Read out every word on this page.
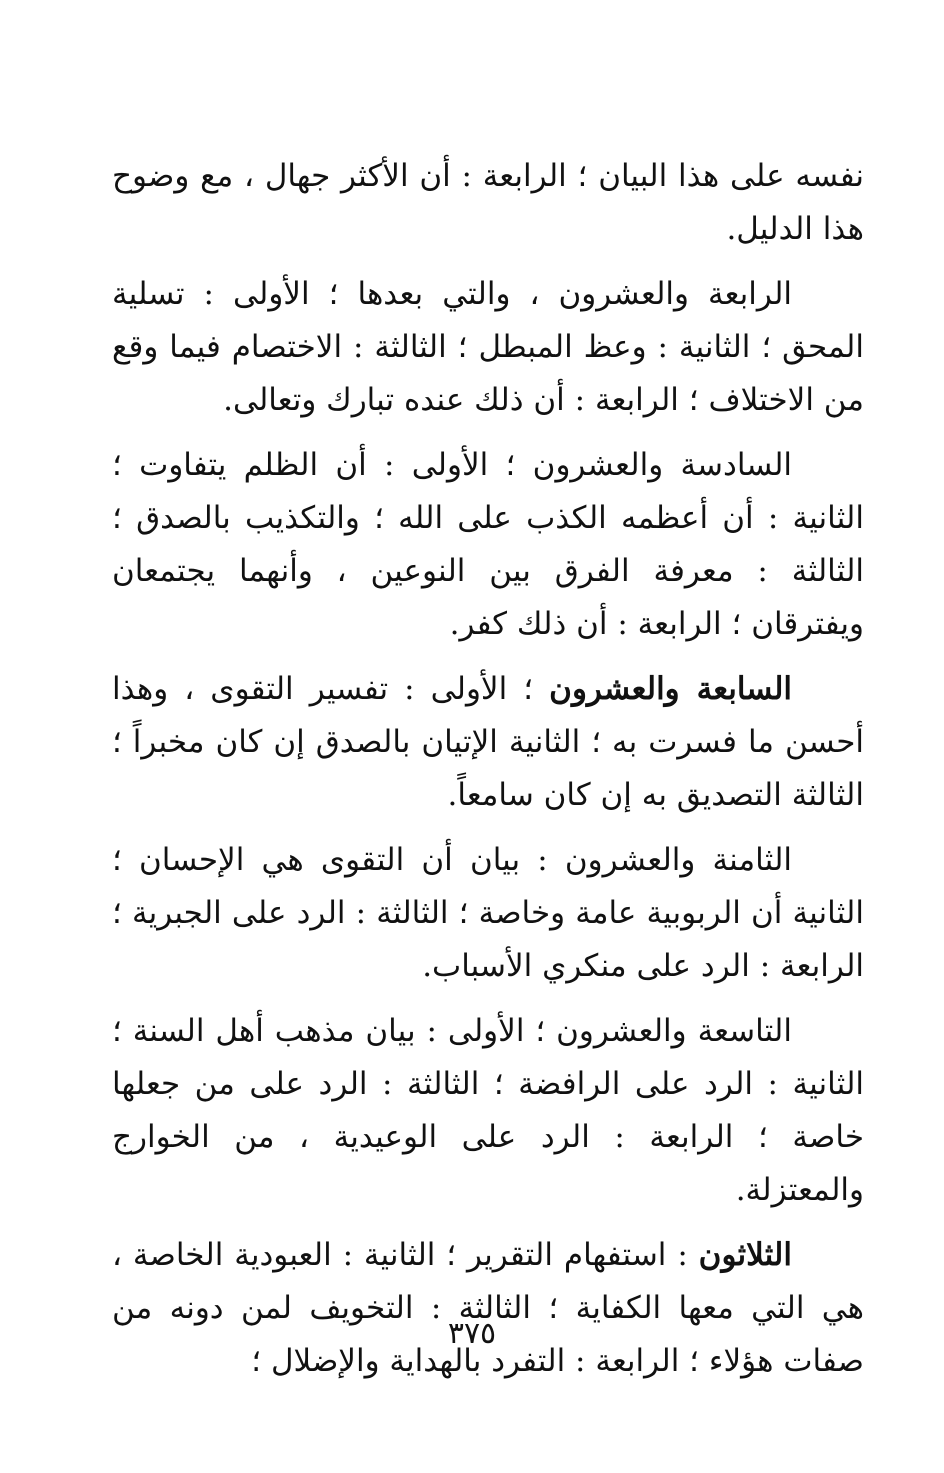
نفسه على هذا البيان ؛ الرابعة : أن الأكثر جهال ، مع وضوح هذا الدليل.

الرابعة والعشرون ، والتي بعدها ؛ الأولى : تسلية المحق ؛ الثانية : وعظ المبطل ؛ الثالثة : الاختصام فيما وقع من الاختلاف ؛ الرابعة : أن ذلك عنده تبارك وتعالى.

السادسة والعشرون ؛ الأولى : أن الظلم يتفاوت ؛ الثانية : أن أعظمه الكذب على الله ؛ والتكذيب بالصدق ؛ الثالثة : معرفة الفرق بين النوعين ، وأنهما يجتمعان ويفترقان ؛ الرابعة : أن ذلك كفر.

السابعة والعشرون ؛ الأولى : تفسير التقوى ، وهذا أحسن ما فسرت به ؛ الثانية الإتيان بالصدق إن كان مخبراً ؛ الثالثة التصديق به إن كان سامعاً.

الثامنة والعشرون : بيان أن التقوى هي الإحسان ؛ الثانية أن الربوبية عامة وخاصة ؛ الثالثة : الرد على الجبرية ؛ الرابعة : الرد على منكري الأسباب.

التاسعة والعشرون ؛ الأولى : بيان مذهب أهل السنة ؛ الثانية : الرد على الرافضة ؛ الثالثة : الرد على من جعلها خاصة ؛ الرابعة : الرد على الوعيدية ، من الخوارج والمعتزلة.

الثلاثون : استفهام التقرير ؛ الثانية : العبودية الخاصة ، هي التي معها الكفاية ؛ الثالثة : التخويف لمن دونه من صفات هؤلاء ؛ الرابعة : التفرد بالهداية والإضلال ؛

٣٧٥
